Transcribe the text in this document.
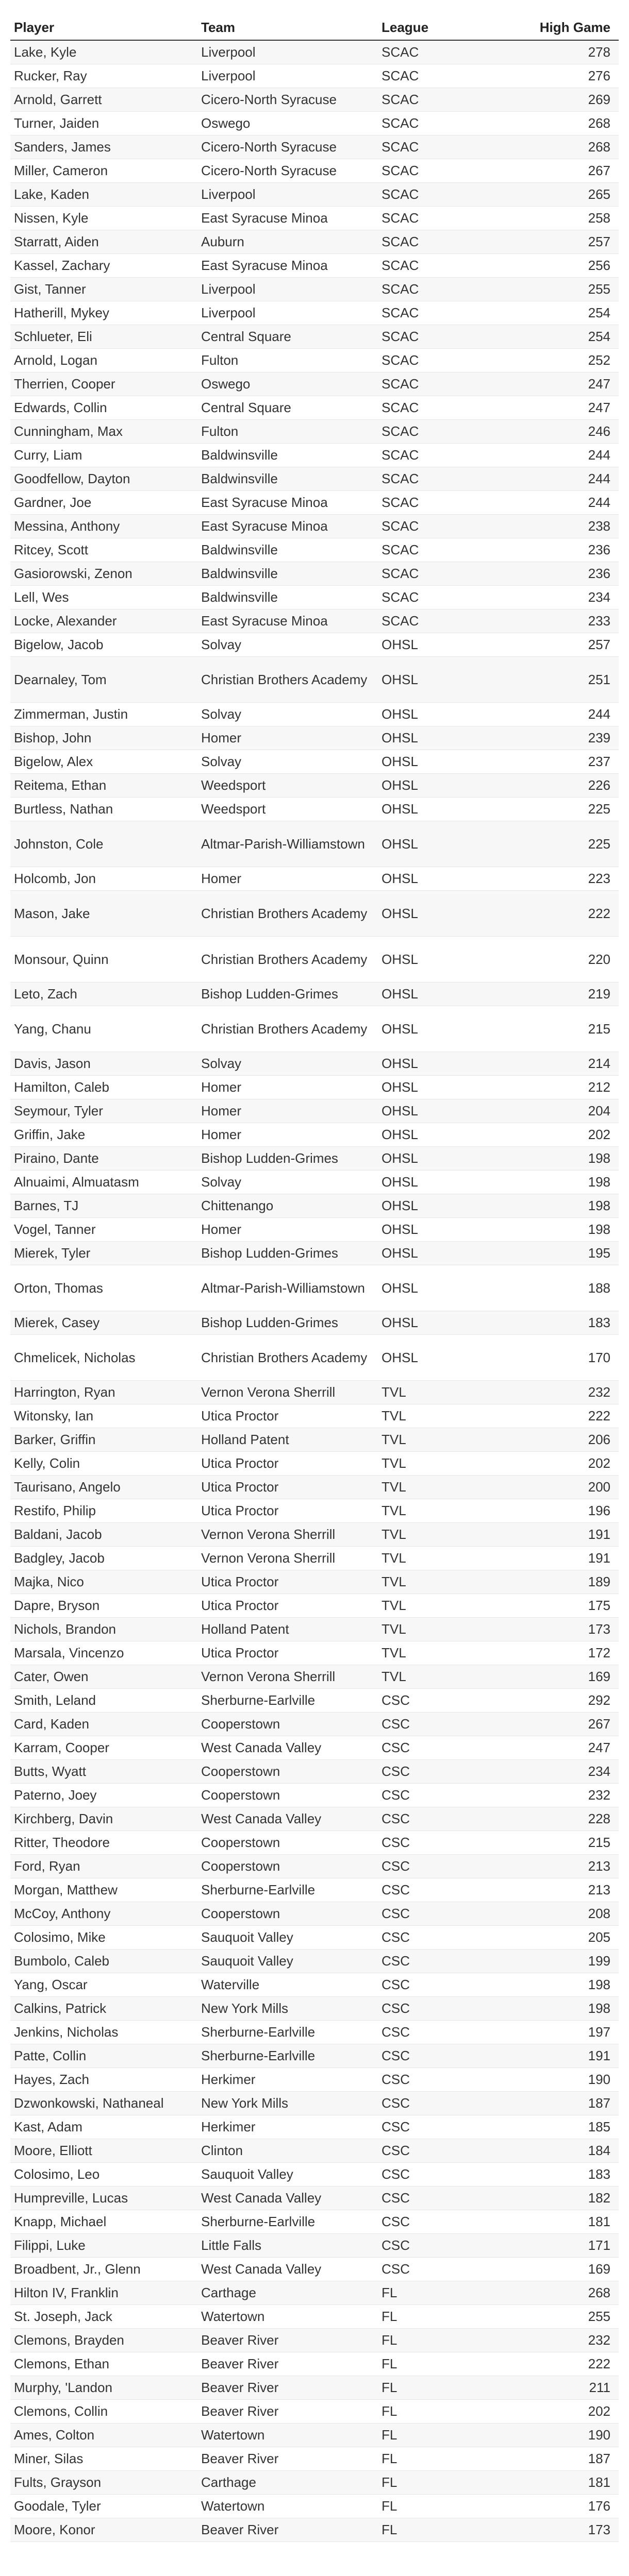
Player	Team	League	High Game
Lake, Kyle	Liverpool	SCAC	278
Rucker, Ray	Liverpool	SCAC	276
Arnold, Garrett	Cicero-North Syracuse	SCAC	269
Turner, Jaiden	Oswego	SCAC	268
Sanders, James	Cicero-North Syracuse	SCAC	268
Miller, Cameron	Cicero-North Syracuse	SCAC	267
Lake, Kaden	Liverpool	SCAC	265
Nissen, Kyle	East Syracuse Minoa	SCAC	258
Starratt, Aiden	Auburn	SCAC	257
Kassel, Zachary	East Syracuse Minoa	SCAC	256
Gist, Tanner	Liverpool	SCAC	255
Hatherill, Mykey	Liverpool	SCAC	254
Schlueter, Eli	Central Square	SCAC	254
Arnold, Logan	Fulton	SCAC	252
Therrien, Cooper	Oswego	SCAC	247
Edwards, Collin	Central Square	SCAC	247
Cunningham, Max	Fulton	SCAC	246
Curry, Liam	Baldwinsville	SCAC	244
Goodfellow, Dayton	Baldwinsville	SCAC	244
Gardner, Joe	East Syracuse Minoa	SCAC	244
Messina, Anthony	East Syracuse Minoa	SCAC	238
Ritcey, Scott	Baldwinsville	SCAC	236
Gasiorowski, Zenon	Baldwinsville	SCAC	236
Lell, Wes	Baldwinsville	SCAC	234
Locke, Alexander	East Syracuse Minoa	SCAC	233
Bigelow, Jacob	Solvay	OHSL	257
Dearnaley, Tom	Christian Brothers Academy	OHSL	251
Zimmerman, Justin	Solvay	OHSL	244
Bishop, John	Homer	OHSL	239
Bigelow, Alex	Solvay	OHSL	237
Reitema, Ethan	Weedsport	OHSL	226
Burtless, Nathan	Weedsport	OHSL	225
Johnston, Cole	Altmar-Parish-Williamstown	OHSL	225
Holcomb, Jon	Homer	OHSL	223
Mason, Jake	Christian Brothers Academy	OHSL	222
Monsour, Quinn	Christian Brothers Academy	OHSL	220
Leto, Zach	Bishop Ludden-Grimes	OHSL	219
Yang, Chanu	Christian Brothers Academy	OHSL	215
Davis, Jason	Solvay	OHSL	214
Hamilton, Caleb	Homer	OHSL	212
Seymour, Tyler	Homer	OHSL	204
Griffin, Jake	Homer	OHSL	202
Piraino, Dante	Bishop Ludden-Grimes	OHSL	198
Alnuaimi, Almuatasm	Solvay	OHSL	198
Barnes, TJ	Chittenango	OHSL	198
Vogel, Tanner	Homer	OHSL	198
Mierek, Tyler	Bishop Ludden-Grimes	OHSL	195
Orton, Thomas	Altmar-Parish-Williamstown	OHSL	188
Mierek, Casey	Bishop Ludden-Grimes	OHSL	183
Chmelicek, Nicholas	Christian Brothers Academy	OHSL	170
Harrington, Ryan	Vernon Verona Sherrill	TVL	232
Witonsky, Ian	Utica Proctor	TVL	222
Barker, Griffin	Holland Patent	TVL	206
Kelly, Colin	Utica Proctor	TVL	202
Taurisano, Angelo	Utica Proctor	TVL	200
Restifo, Philip	Utica Proctor	TVL	196
Baldani, Jacob	Vernon Verona Sherrill	TVL	191
Badgley, Jacob	Vernon Verona Sherrill	TVL	191
Majka, Nico	Utica Proctor	TVL	189
Dapre, Bryson	Utica Proctor	TVL	175
Nichols, Brandon	Holland Patent	TVL	173
Marsala, Vincenzo	Utica Proctor	TVL	172
Cater, Owen	Vernon Verona Sherrill	TVL	169
Smith, Leland	Sherburne-Earlville	CSC	292
Card, Kaden	Cooperstown	CSC	267
Karram, Cooper	West Canada Valley	CSC	247
Butts, Wyatt	Cooperstown	CSC	234
Paterno, Joey	Cooperstown	CSC	232
Kirchberg, Davin	West Canada Valley	CSC	228
Ritter, Theodore	Cooperstown	CSC	215
Ford, Ryan	Cooperstown	CSC	213
Morgan, Matthew	Sherburne-Earlville	CSC	213
McCoy, Anthony	Cooperstown	CSC	208
Colosimo, Mike	Sauquoit Valley	CSC	205
Bumbolo, Caleb	Sauquoit Valley	CSC	199
Yang, Oscar	Waterville	CSC	198
Calkins, Patrick	New York Mills	CSC	198
Jenkins, Nicholas	Sherburne-Earlville	CSC	197
Patte, Collin	Sherburne-Earlville	CSC	191
Hayes, Zach	Herkimer	CSC	190
Dzwonkowski, Nathaneal	New York Mills	CSC	187
Kast, Adam	Herkimer	CSC	185
Moore, Elliott	Clinton	CSC	184
Colosimo, Leo	Sauquoit Valley	CSC	183
Humpreville, Lucas	West Canada Valley	CSC	182
Knapp, Michael	Sherburne-Earlville	CSC	181
Filippi, Luke	Little Falls	CSC	171
Broadbent, Jr., Glenn	West Canada Valley	CSC	169
Hilton IV, Franklin	Carthage	FL	268
St. Joseph, Jack	Watertown	FL	255
Clemons, Brayden	Beaver River	FL	232
Clemons, Ethan	Beaver River	FL	222
Murphy, 'Landon	Beaver River	FL	211
Clemons, Collin	Beaver River	FL	202
Ames, Colton	Watertown	FL	190
Miner, Silas	Beaver River	FL	187
Fults, Grayson	Carthage	FL	181
Goodale, Tyler	Watertown	FL	176
Moore, Konor	Beaver River	FL	173
